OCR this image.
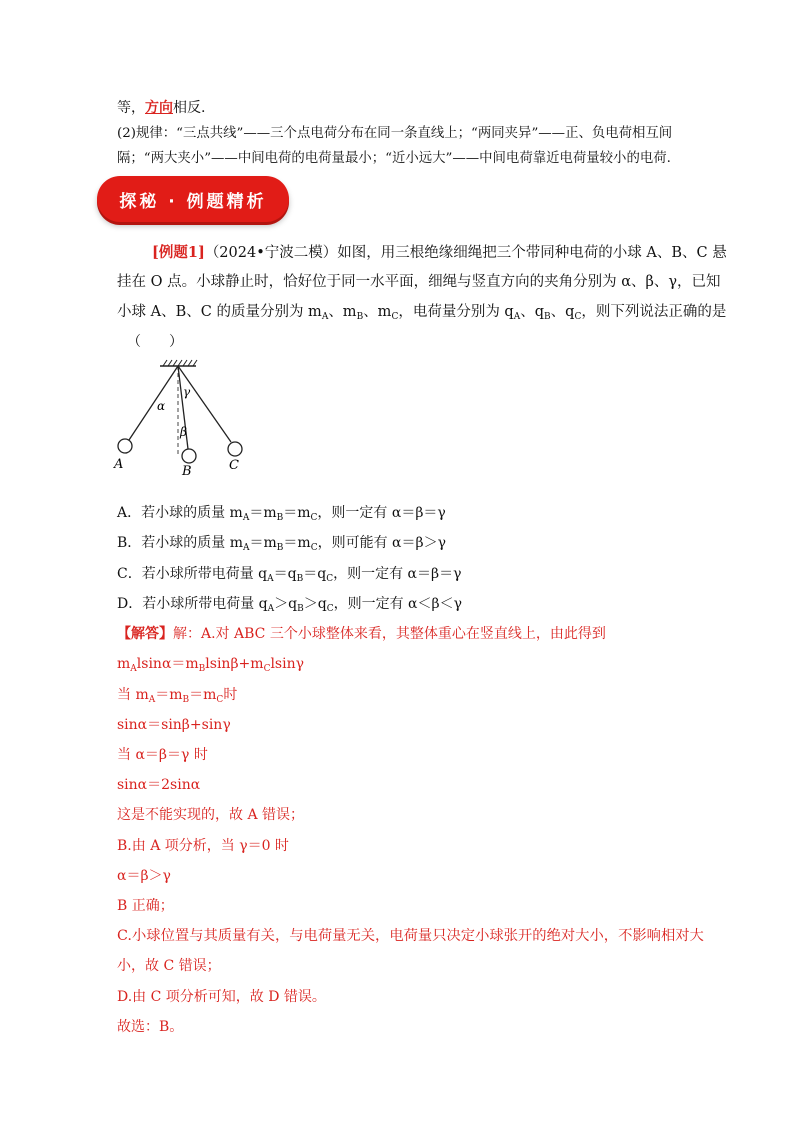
等，方向相反.
(2)规律：“三点共线”——三个点电荷分布在同一条直线上；“两同夹异”——正、负电荷相互间
隔；“两大夹小”——中间电荷的电荷量最小；“近小远大”——中间电荷靠近电荷量较小的电荷.
探秘 · 例题精析
[例题1]（2024•宁波二模）如图，用三根绝缘细绳把三个带同种电荷的小球 A、B、C 悬
挂在 O 点。小球静止时，恰好位于同一水平面，细绳与竖直方向的夹角分别为 α、β、γ，已知
小球 A、B、C 的质量分别为 $m_A$、$m_B$、$m_C$，电荷量分别为 $q_A$、$q_B$、$q_C$，则下列说法正确的是
（　　）
α
β
γ
A	B	C
A．若小球的质量 $m_A=m_B=m_C$，则一定有 α＝β＝γ
B．若小球的质量 $m_A=m_B=m_C$，则可能有 α＝β＞γ
C．若小球所带电荷量 $q_A=q_B=q_C$，则一定有 α＝β＝γ
D．若小球所带电荷量 $q_A>q_B>q_C$，则一定有 α＜β＜γ
【解答】解：A.对 ABC 三个小球整体来看，其整体重心在竖直线上，由此得到
$m_Alsin\alpha=m_Blsin\beta+m_Clsin\gamma$
当 $m_A=m_B=m_C$时
sinα＝sinβ+sinγ
当 α＝β＝γ 时
sinα＝2sinα
这是不能实现的，故 A 错误；
B.由 A 项分析，当 γ＝0 时
α＝β＞γ
B 正确；
C.小球位置与其质量有关，与电荷量无关，电荷量只决定小球张开的绝对大小，不影响相对大
小，故 C 错误；
D.由 C 项分析可知，故 D 错误。
故选：B。
